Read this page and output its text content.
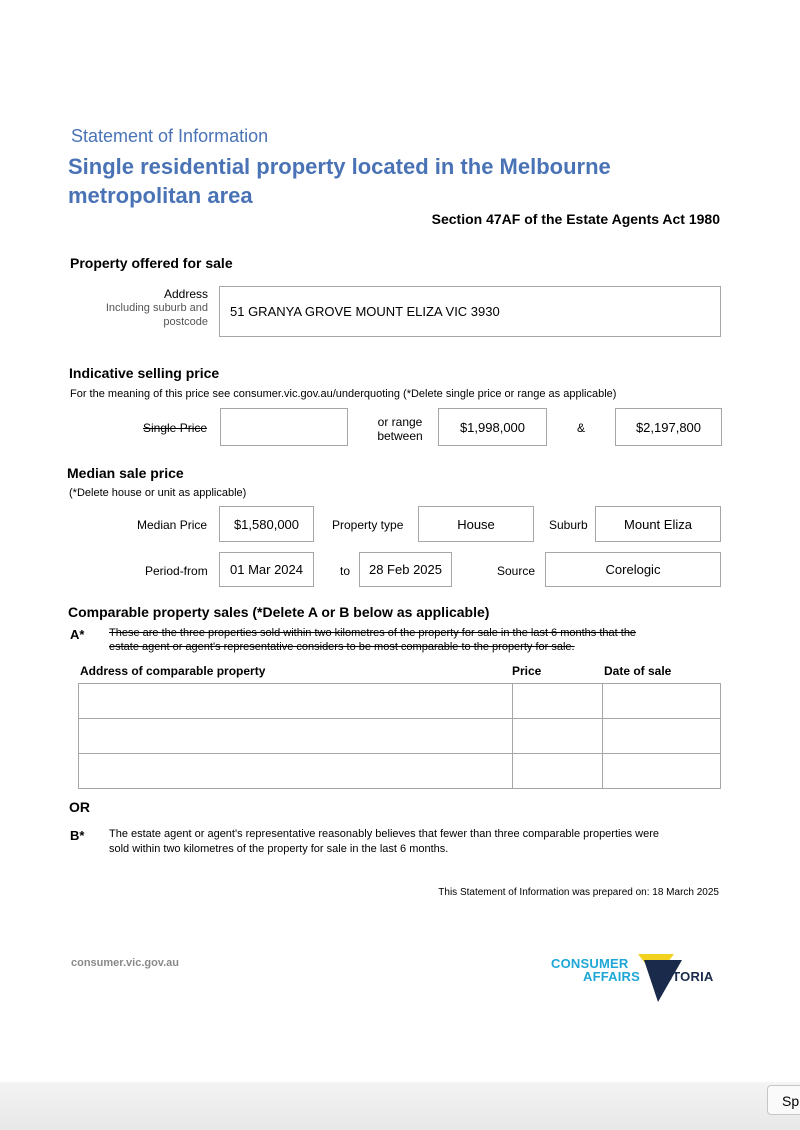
Statement of Information
Single residential property located in the Melbourne metropolitan area
Section 47AF of the Estate Agents Act 1980
Property offered for sale
Address
Including suburb and
postcode
51 GRANYA GROVE MOUNT ELIZA VIC 3930
Indicative selling price
For the meaning of this price see consumer.vic.gov.au/underquoting (*Delete single price or range as applicable)
Single Price	or range
between
$1,998,000	&	$2,197,800
Median sale price
(*Delete house or unit as applicable)
Median Price	$1,580,000	Property type	House	Suburb	Mount Eliza
Period-from	01 Mar 2024	to	28 Feb 2025	Source	Corelogic
Comparable property sales (*Delete A or B below as applicable)
A* These are the three properties sold within two kilometres of the property for sale in the last 6 months that the
estate agent or agent's representative considers to be most comparable to the property for sale.
Address of comparable property	Price	Date of sale

OR
B* The estate agent or agent's representative reasonably believes that fewer than three comparable properties were
sold within two kilometres of the property for sale in the last 6 months.
This Statement of Information was prepared on: 18 March 2025
consumer.vic.gov.au	CONSUMER
AFFAIRS VICTORIA
Sp
